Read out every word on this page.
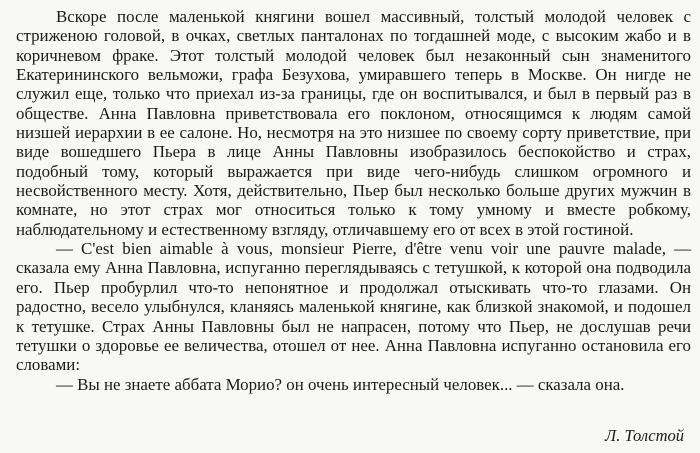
Вскоре после маленькой княгини вошел массивный, толстый молодой человек с стриженою головой, в очках, светлых панталонах по тогдашней моде, с высоким жабо и в коричневом фраке. Этот толстый молодой человек был незаконный сын знаменитого Екатерининского вельможи, графа Безухова, умиравшего теперь в Москве. Он нигде не служил еще, только что приехал из-за границы, где он воспитывался, и был в первый раз в обществе. Анна Павловна приветствовала его поклоном, относящимся к людям самой низшей иерархии в ее салоне. Но, несмотря на это низшее по своему сорту приветствие, при виде вошедшего Пьера в лице Анны Павловны изобразилось беспокойство и страх, подобный тому, который выражается при виде чего-нибудь слишком огромного и несвойственного месту. Хотя, действительно, Пьер был несколько больше других мужчин в комнате, но этот страх мог относиться только к тому умному и вместе робкому, наблюдательному и естественному взгляду, отличавшему его от всех в этой гостиной.

— C'est bien aimable à vous, monsieur Pierre, d'être venu voir une pauvre malade, — сказала ему Анна Павловна, испуганно переглядываясь с тетушкой, к которой она подводила его. Пьер пробурлил что-то непонятное и продолжал отыскивать что-то глазами. Он радостно, весело улыбнулся, кланяясь маленькой княгине, как близкой знакомой, и подошел к тетушке. Страх Анны Павловны был не напрасен, потому что Пьер, не дослушав речи тетушки о здоровье ее величества, отошел от нее. Анна Павловна испуганно остановила его словами:

— Вы не знаете аббата Морио? он очень интересный человек... — сказала она.

Л. Толстой
